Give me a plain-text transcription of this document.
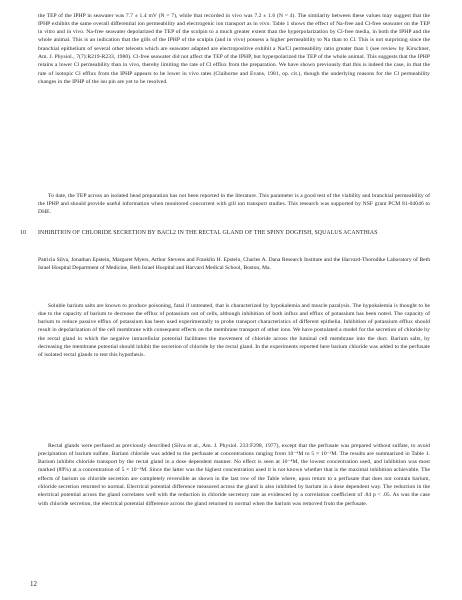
the TEP of the IPHP in seawater was 7.7 ± 1.4 mV (N = 7), while that recorded in vivo was 7.2 ± 1.6 (N = 4). The similarity between these values may suggest that the IPHP exhibits the same overall differential ion permeability and electrogenic ion transport as in vivo. Table 1 shows the effect of Na-free and Cl-free seawater on the TEP in vitro and in vivo. Na-free seawater depolarized the TEP of the sculpin to a much greater extent than the hyperpolarization by Cl-free media, in both the IPHP and the whole animal. This is an indication that the gills of the IPHP of the sculpin (and in vivo) possess a higher permeability to Na than to Cl. This is not surprising since the branchial epithelium of several other teleosts which are seawater adapted are electropositive exhibit a Na/Cl permeability ratio greater than 1 (see review by Kirschner, Am. J. Physiol., 7(7):R219-R233, 1980). Cl-free seawater did not affect the TEP of the IPHP, but hyperpolarized the TEP of the whole animal. This suggests that the IPHP retains a lower Cl permeability than in vivo, thereby limiting the rate of Cl efflux from the preparation. We have shown previously that this is indeed the case, in that the rate of isotopic Cl efflux from the IPHP appears to be lower in vivo rates (Claiborne and Evans, 1981, op. cit.), though the underlying reasons for the Cl permeability changes in the IPHP of the isu pin are yet to be resolved.

To date, the TEP across an isolated head preparation has not been reported in the literature. This parameter is a good test of the viability and branchial permeability of the IPHP and should provide useful information when monitored concurrent with gill ion transport studies. This research was supported by NSF grant PCM 81-04046 to DHE.

10 INHIBITION OF CHLORIDE SECRETION BY BACL2 IN THE RECTAL GLAND OF THE SPINY DOGFISH, SQUALUS ACANTHIAS
Patricia Silva, Jonathan Epstein, Margaret Myers, Arthur Stevens and Franklin H. Epstein, Charles A. Dana Research Institute and the Harvard-Thorndike Laboratory of Beth Israel Hospital Department of Medicine, Beth Israel Hospital and Harvard Medical School, Boston, Ma.

Soluble barium salts are known to produce poisoning, fatal if untreated, that is characterized by hypokalemia and muscle paralysis. The hypokalemia is thought to be due to the capacity of barium to decrease the efflux of potassium out of cells, although inhibition of both influx and efflux of potassium has been noted. The capacity of barium to reduce passive efflux of potassium has been used experimentally to probe transport characteristics of different epithelia. Inhibition of potassium efflux should result in depolarization of the cell membrane with consequent effects on the membrane transport of other ions. We have postulated a model for the secretion of chloride by the rectal gland in which the negative intracellular potential facilitates the movement of chloride across the luminal cell membrane into the duct. Barium salts, by decreasing the membrane potential should inhibit the secretion of chloride by the rectal gland. In the experiments reported here barium chloride was added to the perfusate of isolated rectal glands to test this hypothesis.

Rectal glands were perfused as previously described (Silva et al., Am. J. Physiol. 233:F298, 1977), except that the perfusate was prepared without sulfate, to avoid precipitation of barium sulfate. Barium chloride was added to the perfusate at concentrations ranging from 10⁻⁴M to 5 × 10⁻³M. The results are summarized in Table 1. Barium inhibits chloride transport by the rectal gland in a dose dependent manner. No effect is seen at 10⁻⁴M, the lowest concentration used, and inhibition was most marked (89%) at a concentration of 5 × 10⁻³M. Since the latter was the highest concentration used it is not known whether that is the maximal inhibition achievable. The effects of barium on chloride secretion are completely reversible as shown in the last row of the Table where, upon return to a perfusate that does not contain barium, chloride secretion returned to normal. Electrical potential difference measured across the gland is also inhibited by barium in a dose dependent way. The reduction in the electrical potential across the gland correlates well with the reduction in chloride secretory rate as evidenced by a correlation coefficient of .84 p < .05. As was the case with chloride secretion, the electrical potential difference across the gland returned to normal when the barium was removed from the perfusate.

12
